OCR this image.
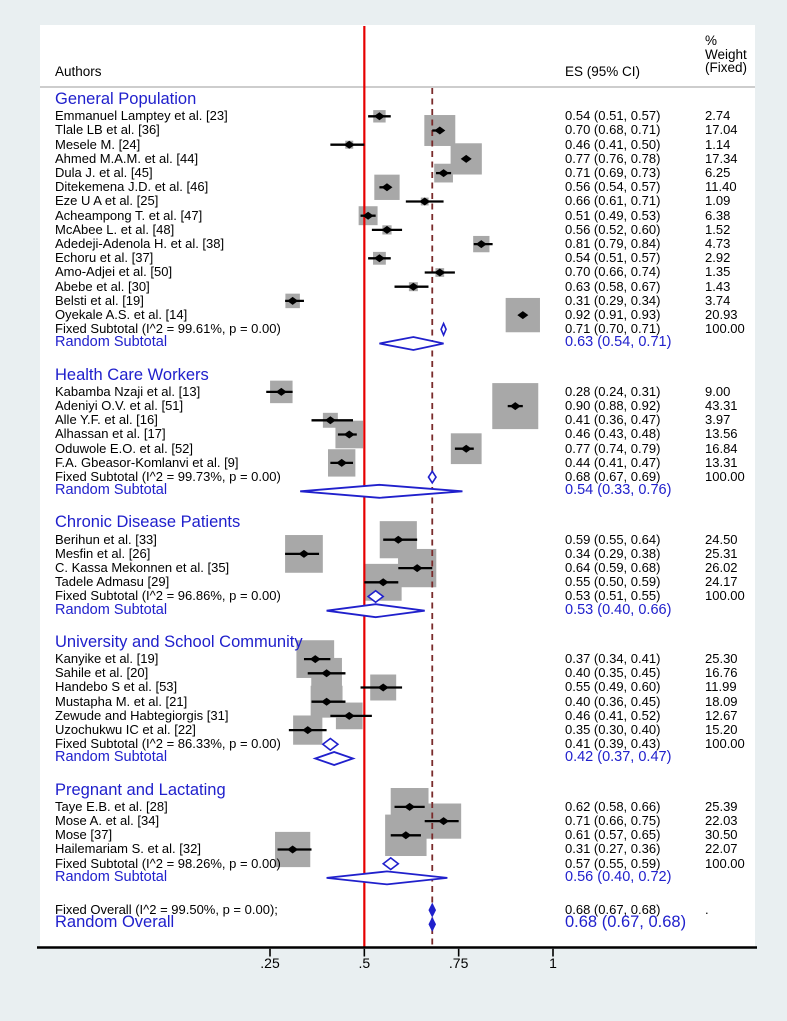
Authors	ES (95% CI)
%
Weight
(Fixed)
General Population
Emmanuel Lamptey et al. [23]	0.54 (0.51, 0.57)	2.74
Tlale LB et al. [36]	0.70 (0.68, 0.71)	17.04
Mesele M. [24]	0.46 (0.41, 0.50)	1.14
Ahmed M.A.M. et al. [44]	0.77 (0.76, 0.78)	17.34
Dula J. et al. [45]	0.71 (0.69, 0.73)	6.25
Ditekemena J.D. et al. [46]	0.56 (0.54, 0.57)	11.40
Eze U A et al. [25]	0.66 (0.61, 0.71)	1.09
Acheampong T. et al. [47]	0.51 (0.49, 0.53)	6.38
McAbee L. et al. [48]	0.56 (0.52, 0.60)	1.52
Adedeji-Adenola H. et al. [38]	0.81 (0.79, 0.84)	4.73
Echoru et al. [37]	0.54 (0.51, 0.57)	2.92
Amo-Adjei et al. [50]	0.70 (0.66, 0.74)	1.35
Abebe et al. [30]	0.63 (0.58, 0.67)	1.43
Belsti et al. [19]	0.31 (0.29, 0.34)	3.74
Oyekale A.S. et al. [14]	0.92 (0.91, 0.93)	20.93
Fixed Subtotal (I^2 = 99.61%, p = 0.00)	0.71 (0.70, 0.71)	100.00
Random Subtotal	0.63 (0.54, 0.71)
Health Care Workers
Kabamba Nzaji et al. [13]	0.28 (0.24, 0.31)	9.00
Adeniyi O.V. et al. [51]	0.90 (0.88, 0.92)	43.31
Alle Y.F. et al. [16]	0.41 (0.36, 0.47)	3.97
Alhassan et al. [17]	0.46 (0.43, 0.48)	13.56
Oduwole E.O. et al. [52]	0.77 (0.74, 0.79)	16.84
F.A. Gbeasor-Komlanvi et al. [9]	0.44 (0.41, 0.47)	13.31
Fixed Subtotal (I^2 = 99.73%, p = 0.00)	0.68 (0.67, 0.69)	100.00
Random Subtotal	0.54 (0.33, 0.76)
Chronic Disease Patients
Berihun et al. [33]	0.59 (0.55, 0.64)	24.50
Mesfin et al. [26]	0.34 (0.29, 0.38)	25.31
C. Kassa Mekonnen et al. [35]	0.64 (0.59, 0.68)	26.02
Tadele Admasu [29]	0.55 (0.50, 0.59)	24.17
Fixed Subtotal (I^2 = 96.86%, p = 0.00)	0.53 (0.51, 0.55)	100.00
Random Subtotal	0.53 (0.40, 0.66)
University and School Community
Kanyike et al. [19]	0.37 (0.34, 0.41)	25.30
Sahile et al. [20]	0.40 (0.35, 0.45)	16.76
Handebo S et al. [53]	0.55 (0.49, 0.60)	11.99
Mustapha M. et al. [21]	0.40 (0.36, 0.45)	18.09
Zewude and Habtegiorgis [31]	0.46 (0.41, 0.52)	12.67
Uzochukwu IC et al. [22]	0.35 (0.30, 0.40)	15.20
Fixed Subtotal (I^2 = 86.33%, p = 0.00)	0.41 (0.39, 0.43)	100.00
Random Subtotal	0.42 (0.37, 0.47)
Pregnant and Lactating
Taye E.B. et al. [28]	0.62 (0.58, 0.66)	25.39
Mose A. et al. [34]	0.71 (0.66, 0.75)	22.03
Mose [37]	0.61 (0.57, 0.65)	30.50
Hailemariam S. et al. [32]	0.31 (0.27, 0.36)	22.07
Fixed Subtotal (I^2 = 98.26%, p = 0.00)	0.57 (0.55, 0.59)	100.00
Random Subtotal	0.56 (0.40, 0.72)
Fixed Overall (I^2 = 99.50%, p = 0.00);	0.68 (0.67, 0.68)	.
Random Overall	0.68 (0.67, 0.68)
.25	.5	.75	1
